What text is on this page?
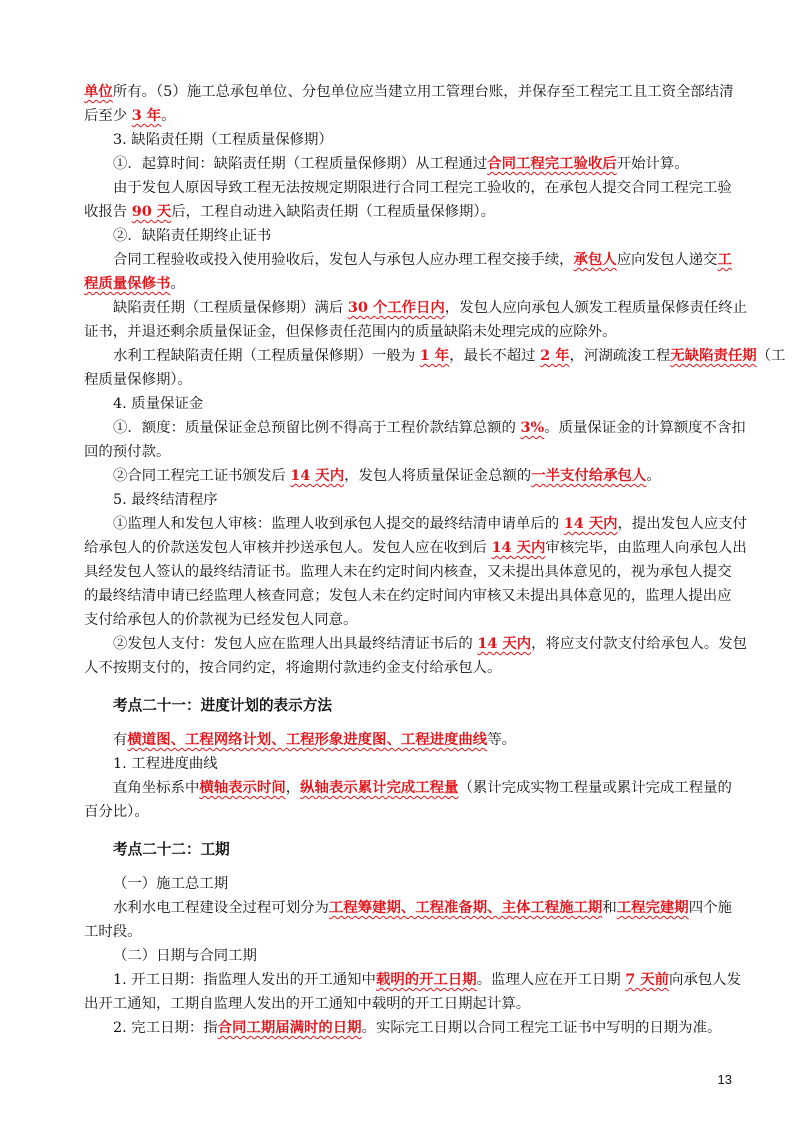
单位所有。（5）施工总承包单位、分包单位应当建立用工管理台账，并保存至工程完工且工资全部结清

后至少 3 年。

3. 缺陷责任期（工程质量保修期）

①．起算时间：缺陷责任期（工程质量保修期）从工程通过合同工程完工验收后开始计算。

由于发包人原因导致工程无法按规定期限进行合同工程完工验收的，在承包人提交合同工程完工验

收报告 90 天后，工程自动进入缺陷责任期（工程质量保修期）。

②．缺陷责任期终止证书

合同工程验收或投入使用验收后，发包人与承包人应办理工程交接手续，承包人应向发包人递交工

程质量保修书。

缺陷责任期（工程质量保修期）满后 30 个工作日内，发包人应向承包人颁发工程质量保修责任终止

证书，并退还剩余质量保证金，但保修责任范围内的质量缺陷未处理完成的应除外。

水利工程缺陷责任期（工程质量保修期）一般为 1 年，最长不超过 2 年，河湖疏浚工程无缺陷责任期（工

程质量保修期）。

4. 质量保证金

①．额度：质量保证金总预留比例不得高于工程价款结算总额的 3%。质量保证金的计算额度不含扣

回的预付款。

②合同工程完工证书颁发后 14 天内，发包人将质量保证金总额的一半支付给承包人。

5. 最终结清程序

①监理人和发包人审核：监理人收到承包人提交的最终结清申请单后的 14 天内，提出发包人应支付

给承包人的价款送发包人审核并抄送承包人。发包人应在收到后 14 天内审核完毕，由监理人向承包人出

具经发包人签认的最终结清证书。监理人未在约定时间内核查，又未提出具体意见的，视为承包人提交

的最终结清申请已经监理人核查同意；发包人未在约定时间内审核又未提出具体意见的，监理人提出应

支付给承包人的价款视为已经发包人同意。

②发包人支付：发包人应在监理人出具最终结清证书后的 14 天内，将应支付款支付给承包人。发包

人不按期支付的，按合同约定，将逾期付款违约金支付给承包人。

考点二十一：进度计划的表示方法

有横道图、工程网络计划、工程形象进度图、工程进度曲线等。

1. 工程进度曲线

直角坐标系中横轴表示时间，纵轴表示累计完成工程量（累计完成实物工程量或累计完成工程量的

百分比）。

考点二十二：工期

（一）施工总工期

水利水电工程建设全过程可划分为工程筹建期、工程准备期、主体工程施工期和工程完建期四个施

工时段。

（二）日期与合同工期

1. 开工日期：指监理人发出的开工通知中载明的开工日期。监理人应在开工日期 7 天前向承包人发

出开工通知，工期自监理人发出的开工通知中载明的开工日期起计算。

2. 完工日期：指合同工期届满时的日期。实际完工日期以合同工程完工证书中写明的日期为准。

13
